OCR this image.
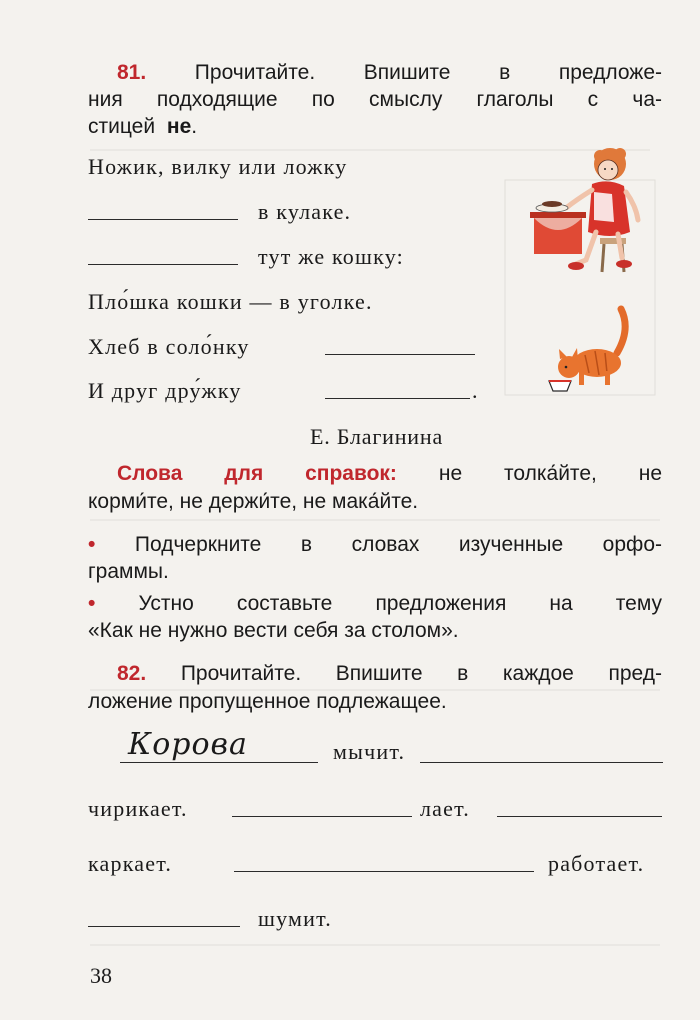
81. Прочитайте. Впишите в предложе-
ния подходящие по смыслу глаголы с ча-
стицей не.
Ножик, вилку или ложку
в кулаке.
тут же кошку:
Пло́шка кошки — в уголке.
Хлеб в соло́нку
И друг дру́жку	.
Е. Благинина
Слова для справок: не толка́йте, не
корми́те, не держи́те, не мака́йте.
• Подчеркните в словах изученные орфо-
граммы.
• Устно составьте предложения на тему
«Как не нужно вести себя за столом».
82. Прочитайте. Впишите в каждое пред-
ложение пропущенное подлежащее.
Корова	мычит.
чирикает.	лает.
каркает.	работает.
шумит.
38
